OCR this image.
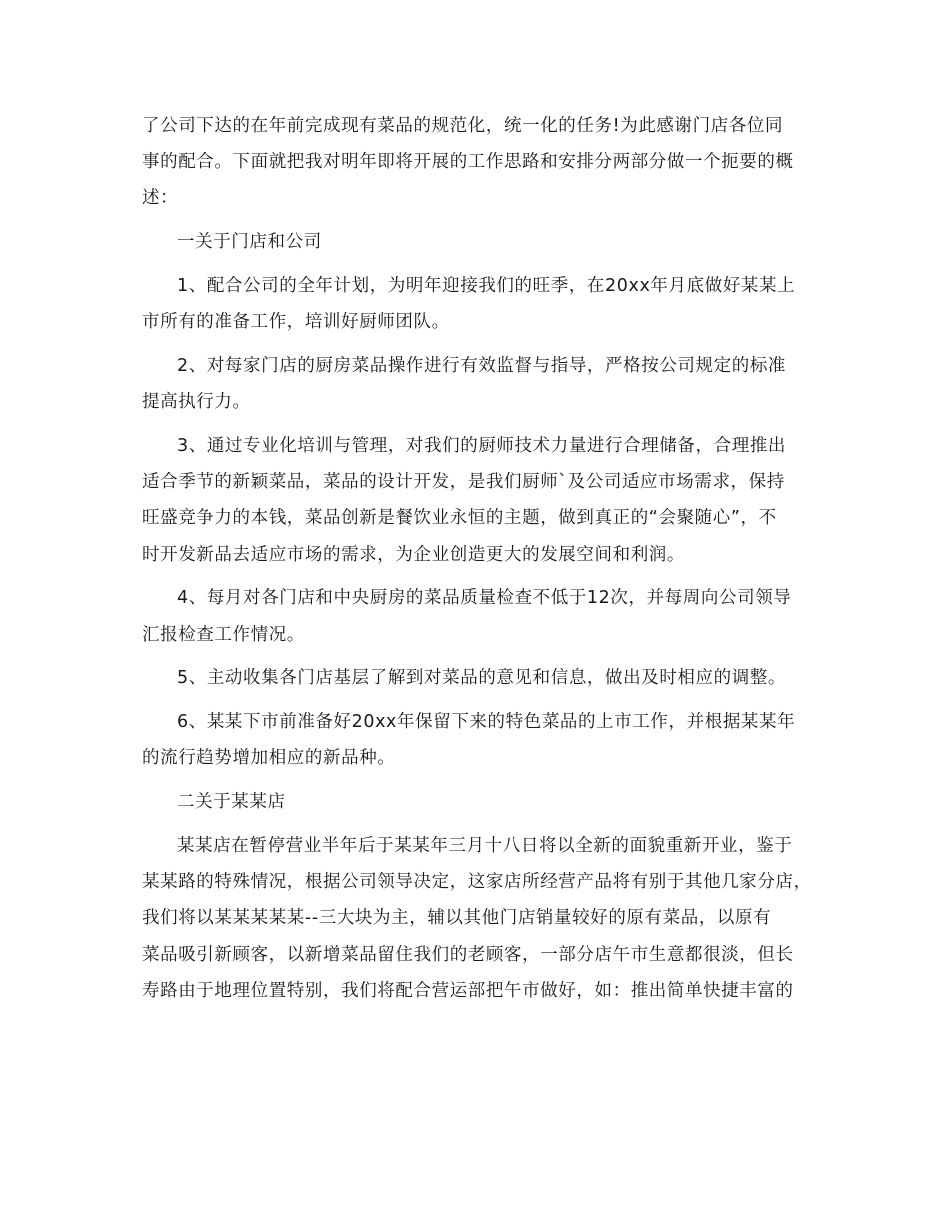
了公司下达的在年前完成现有菜品的规范化，统一化的任务!为此感谢门店各位同
事的配合。下面就把我对明年即将开展的工作思路和安排分两部分做一个扼要的概
述：
一关于门店和公司
1、配合公司的全年计划，为明年迎接我们的旺季，在20xx年月底做好某某上
市所有的准备工作，培训好厨师团队。
2、对每家门店的厨房菜品操作进行有效监督与指导，严格按公司规定的标准
提高执行力。
3、通过专业化培训与管理，对我们的厨师技术力量进行合理储备，合理推出
适合季节的新颖菜品，菜品的设计开发，是我们厨师`及公司适应市场需求，保持
旺盛竞争力的本钱，菜品创新是餐饮业永恒的主题，做到真正的“会聚随心”，不
时开发新品去适应市场的需求，为企业创造更大的发展空间和利润。
4、每月对各门店和中央厨房的菜品质量检查不低于12次，并每周向公司领导
汇报检查工作情况。
5、主动收集各门店基层了解到对菜品的意见和信息，做出及时相应的调整。
6、某某下市前准备好20xx年保留下来的特色菜品的上市工作，并根据某某年
的流行趋势增加相应的新品种。
二关于某某店
某某店在暂停营业半年后于某某年三月十八日将以全新的面貌重新开业，鉴于
某某路的特殊情况，根据公司领导决定，这家店所经营产品将有别于其他几家分店，
我们将以某某某某某--三大块为主，辅以其他门店销量较好的原有菜品，以原有
菜品吸引新顾客，以新增菜品留住我们的老顾客，一部分店午市生意都很淡，但长
寿路由于地理位置特别，我们将配合营运部把午市做好，如：推出简单快捷丰富的
